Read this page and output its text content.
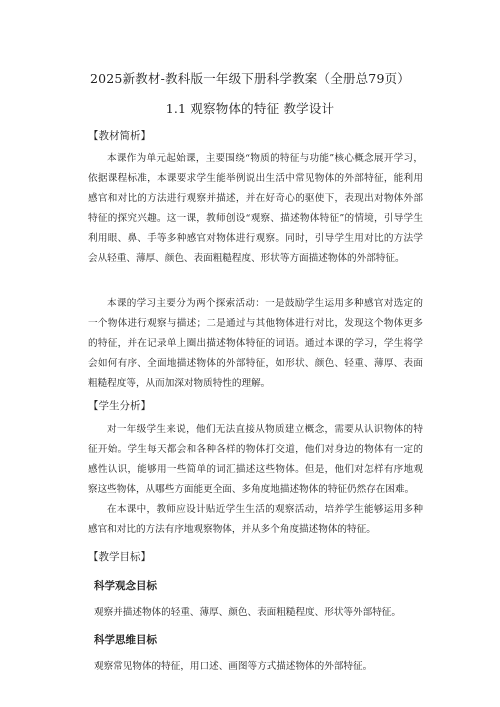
2025新教材-教科版一年级下册科学教案（全册总79页）
1.1 观察物体的特征 教学设计
【教材简析】

本课作为单元起始课，主要围绕“物质的特征与功能”核心概念展开学习，依据课程标准，本课要求学生能举例说出生活中常见物体的外部特征，能利用感官和对比的方法进行观察并描述，并在好奇心的驱使下，表现出对物体外部特征的探究兴趣。这一课，教师创设“观察、描述物体特征”的情境，引导学生利用眼、鼻、手等多种感官对物体进行观察。同时，引导学生用对比的方法学会从轻重、薄厚、颜色、表面粗糙程度、形状等方面描述物体的外部特征。

本课的学习主要分为两个探索活动：一是鼓励学生运用多种感官对选定的一个物体进行观察与描述；二是通过与其他物体进行对比，发现这个物体更多的特征，并在记录单上圈出描述物体特征的词语。通过本课的学习，学生将学会如何有序、全面地描述物体的外部特征，如形状、颜色、轻重、薄厚、表面粗糙程度等，从而加深对物质特性的理解。

【学生分析】

对一年级学生来说，他们无法直接从物质建立概念，需要从认识物体的特征开始。学生每天都会和各种各样的物体打交道，他们对身边的物体有一定的感性认识，能够用一些简单的词汇描述这些物体。但是，他们对怎样有序地观察这些物体，从哪些方面能更全面、多角度地描述物体的特征仍然存在困难。

在本课中，教师应设计贴近学生生活的观察活动，培养学生能够运用多种感官和对比的方法有序地观察物体，并从多个角度描述物体的特征。

【教学目标】
科学观念目标

观察并描述物体的轻重、薄厚、颜色、表面粗糙程度、形状等外部特征。

科学思维目标

观察常见物体的特征，用口述、画图等方式描述物体的外部特征。
